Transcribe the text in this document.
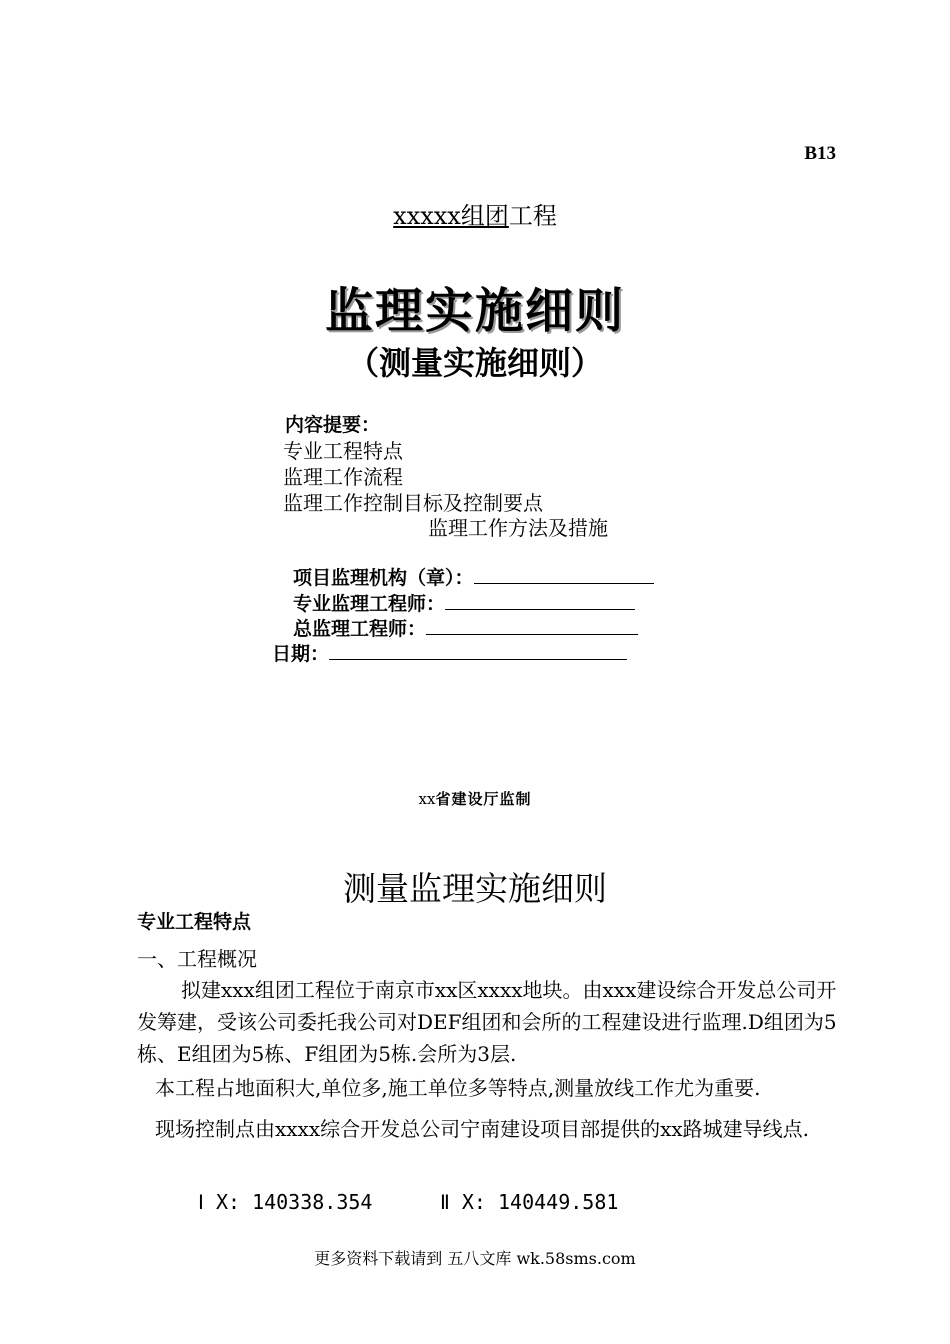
B13
xxxxx组团工程
监理实施细则
（测量实施细则）
内容提要：
专业工程特点
监理工作流程
监理工作控制目标及控制要点
监理工作方法及措施
项目监理机构（章）：
专业监理工程师：
总监理工程师：
日期：
xx省建设厅监制
测量监理实施细则
专业工程特点
一、工程概况
拟建xxx组团工程位于南京市xx区xxxx地块。由xxx建设综合开发总公司开发筹建，受该公司委托我公司对DEF组团和会所的工程建设进行监理.D组团为5栋、E组团为5栋、F组团为5栋.会所为3层.
本工程占地面积大,单位多,施工单位多等特点,测量放线工作尤为重要.
现场控制点由xxxx综合开发总公司宁南建设项目部提供的xx路城建导线点.
Ⅰ X: 140338.354	Ⅱ X: 140449.581
更多资料下载请到 五八文库 wk.58sms.com
